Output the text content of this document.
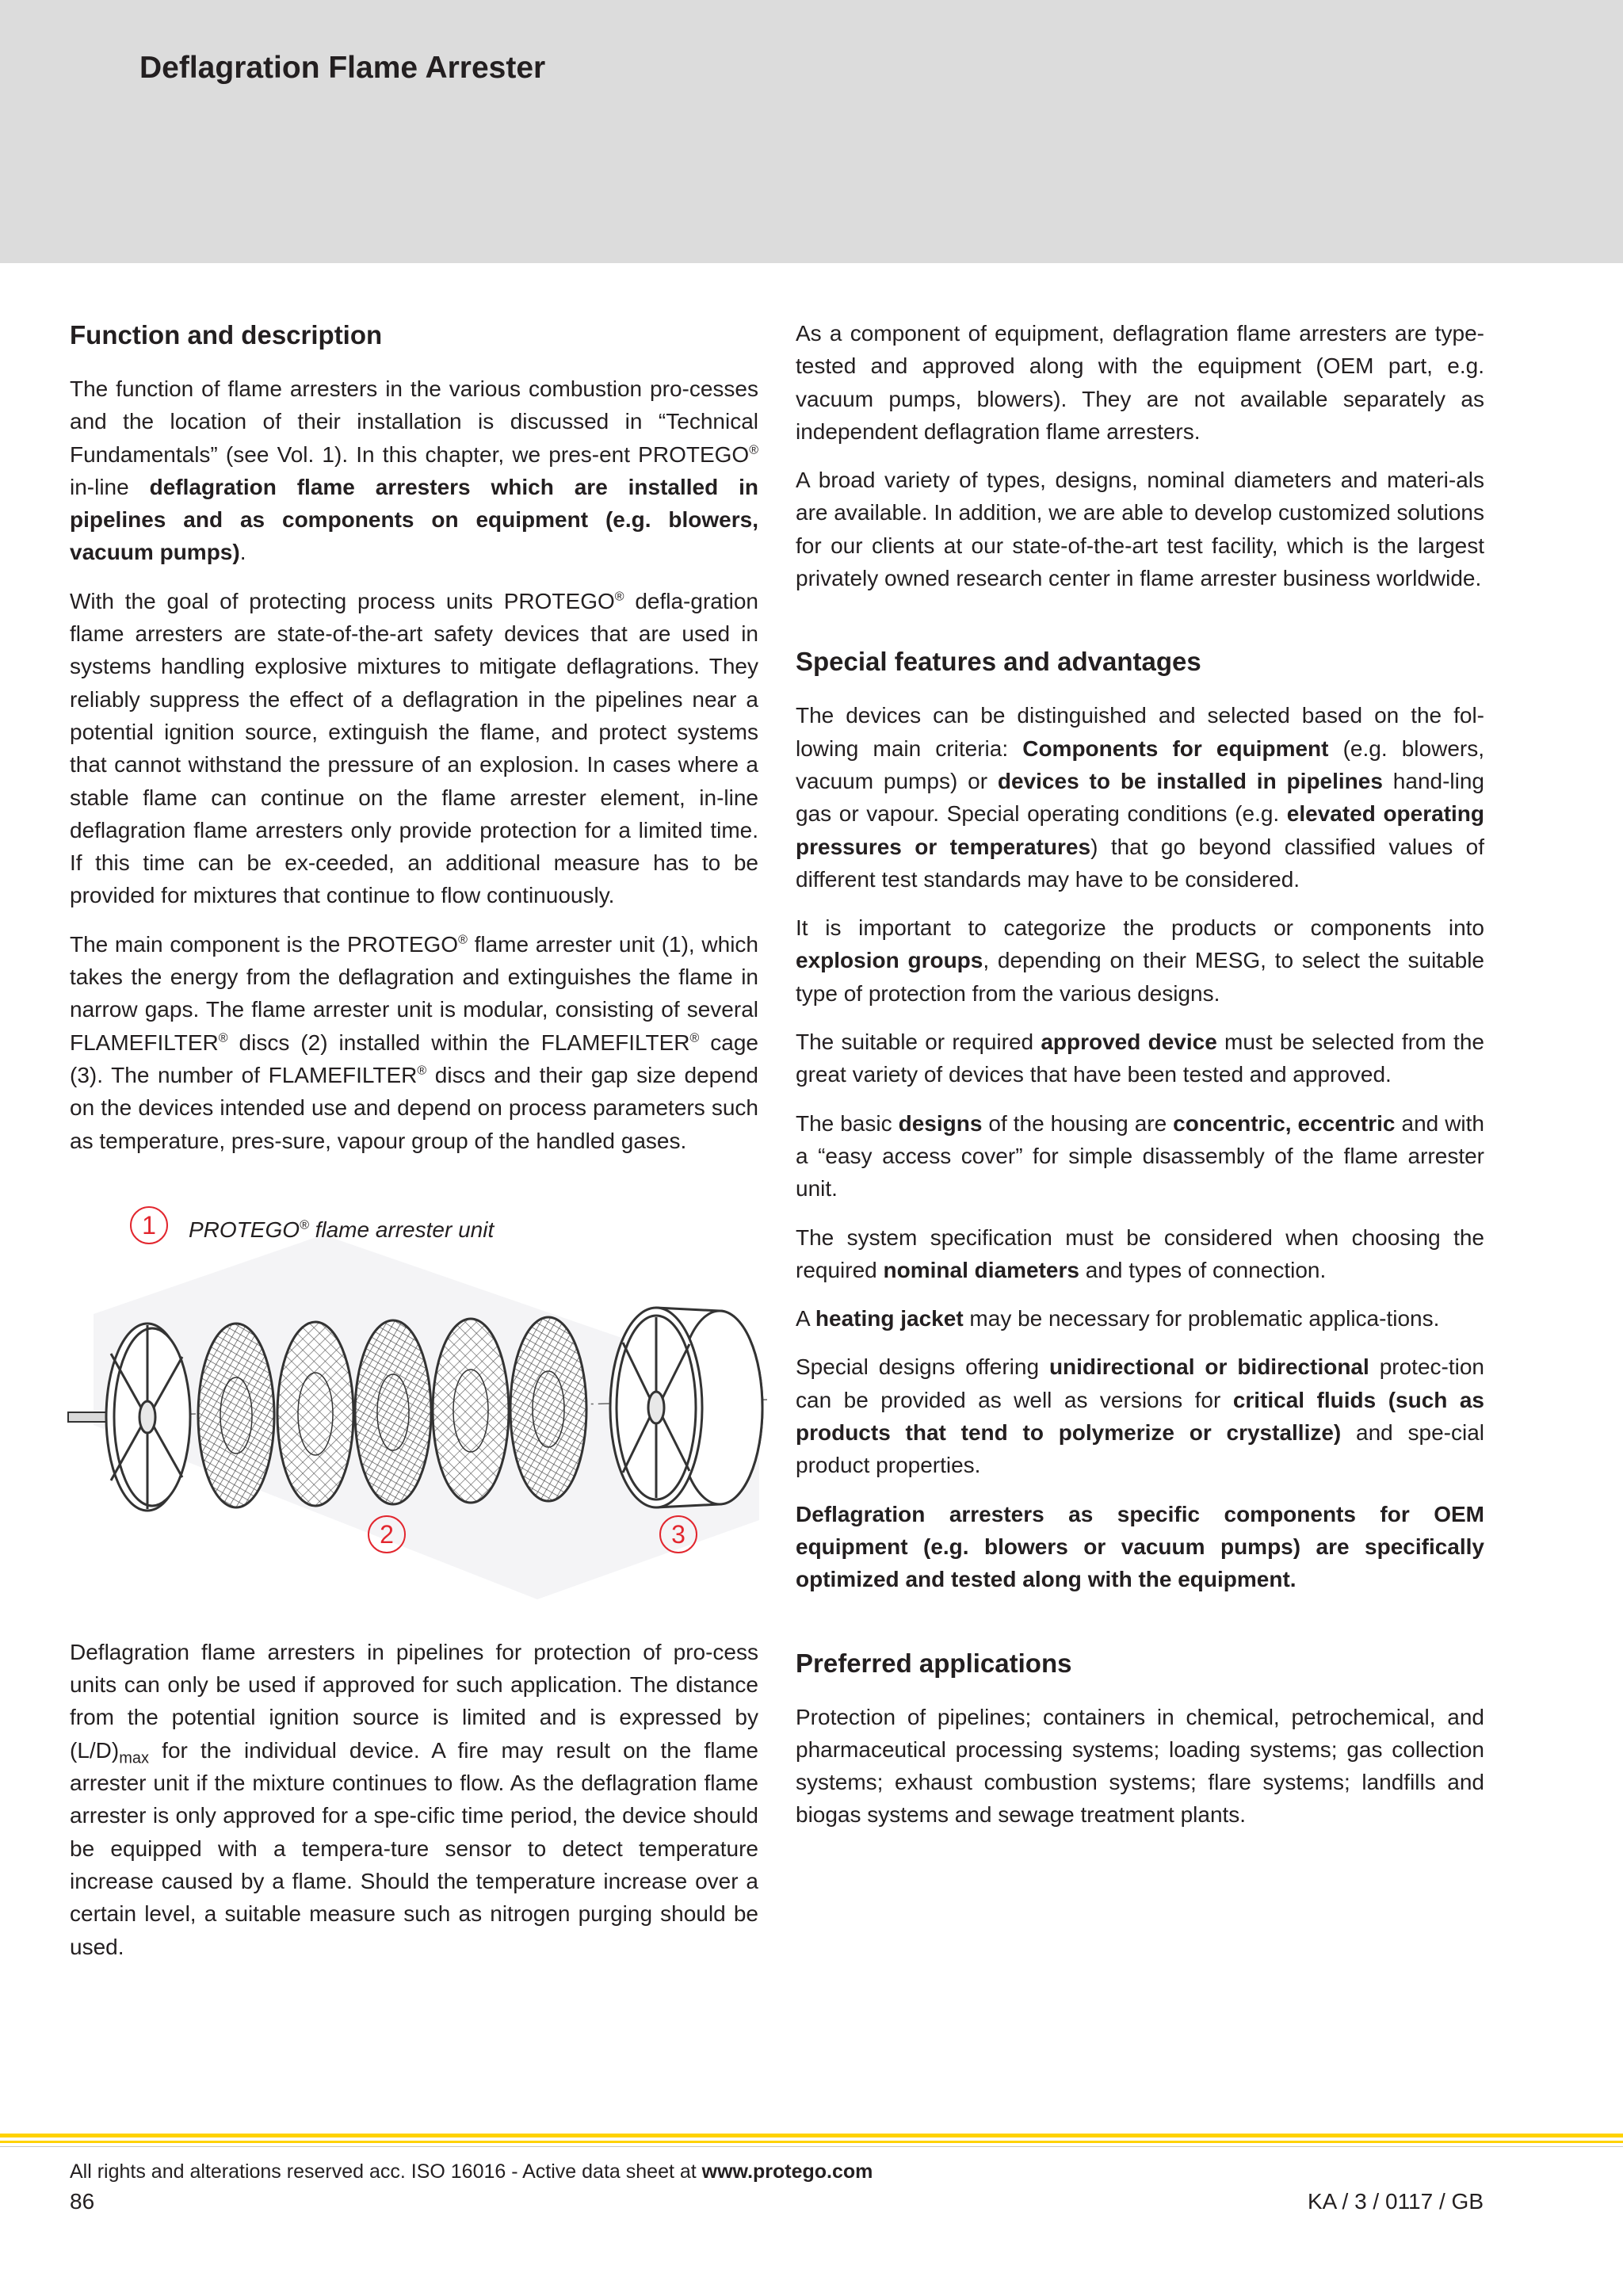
Deflagration Flame Arrester
Function and description

The function of flame arresters in the various combustion pro-cesses and the location of their installation is discussed in “Technical Fundamentals” (see Vol. 1). In this chapter, we pres-ent PROTEGO® in-line deflagration flame arresters which are installed in pipelines and as components on equipment (e.g. blowers, vacuum pumps).

With the goal of protecting process units PROTEGO® defla-gration flame arresters are state-of-the-art safety devices that are used in systems handling explosive mixtures to mitigate deflagrations. They reliably suppress the effect of a deflagration in the pipelines near a potential ignition source, extinguish the flame, and protect systems that cannot withstand the pressure of an explosion. In cases where a stable flame can continue on the flame arrester element, in-line deflagration flame arresters only provide protection for a limited time. If this time can be ex-ceeded, an additional measure has to be provided for mixtures that continue to flow continuously.

The main component is the PROTEGO® flame arrester unit (1), which takes the energy from the deflagration and extinguishes the flame in narrow gaps. The flame arrester unit is modular, consisting of several FLAMEFILTER® discs (2) installed within the FLAMEFILTER® cage (3). The number of FLAMEFILTER® discs and their gap size depend on the devices intended use and depend on process parameters such as temperature, pres-sure, vapour group of the handled gases.

1	PROTEGO® flame arrester unit
2	3

Deflagration flame arresters in pipelines for protection of pro-cess units can only be used if approved for such application. The distance from the potential ignition source is limited and is expressed by $(L/D)_{max}$ for the individual device. A fire may result on the flame arrester unit if the mixture continues to flow. As the deflagration flame arrester is only approved for a spe-cific time period, the device should be equipped with a tempera-ture sensor to detect temperature increase caused by a flame. Should the temperature increase over a certain level, a suitable measure such as nitrogen purging should be used.

As a component of equipment, deflagration flame arresters are type-tested and approved along with the equipment (OEM part, e.g. vacuum pumps, blowers). They are not available separately as independent deflagration flame arresters.

A broad variety of types, designs, nominal diameters and materi-als are available. In addition, we are able to develop customized solutions for our clients at our state-of-the-art test facility, which is the largest privately owned research center in flame arrester business worldwide.

Special features and advantages

The devices can be distinguished and selected based on the fol-lowing main criteria: Components for equipment (e.g. blowers, vacuum pumps) or devices to be installed in pipelines hand-ling gas or vapour. Special operating conditions (e.g. elevated operating pressures or temperatures) that go beyond classified values of different test standards may have to be considered.

It is important to categorize the products or components into explosion groups, depending on their MESG, to select the suitable type of protection from the various designs.

The suitable or required approved device must be selected from the great variety of devices that have been tested and approved.

The basic designs of the housing are concentric, eccentric and with a “easy access cover” for simple disassembly of the flame arrester unit.

The system specification must be considered when choosing the required nominal diameters and types of connection.

A heating jacket may be necessary for problematic applica-tions.

Special designs offering unidirectional or bidirectional protec-tion can be provided as well as versions for critical fluids (such as products that tend to polymerize or crystallize) and spe-cial product properties.

Deflagration arresters as specific components for OEM equipment (e.g. blowers or vacuum pumps) are specifically optimized and tested along with the equipment.

Preferred applications

Protection of pipelines; containers in chemical, petrochemical, and pharmaceutical processing systems; loading systems; gas collection systems; exhaust combustion systems; flare systems; landfills and biogas systems and sewage treatment plants.

All rights and alterations reserved acc. ISO 16016 - Active data sheet at www.protego.com
86	KA / 3 / 0117 / GB
